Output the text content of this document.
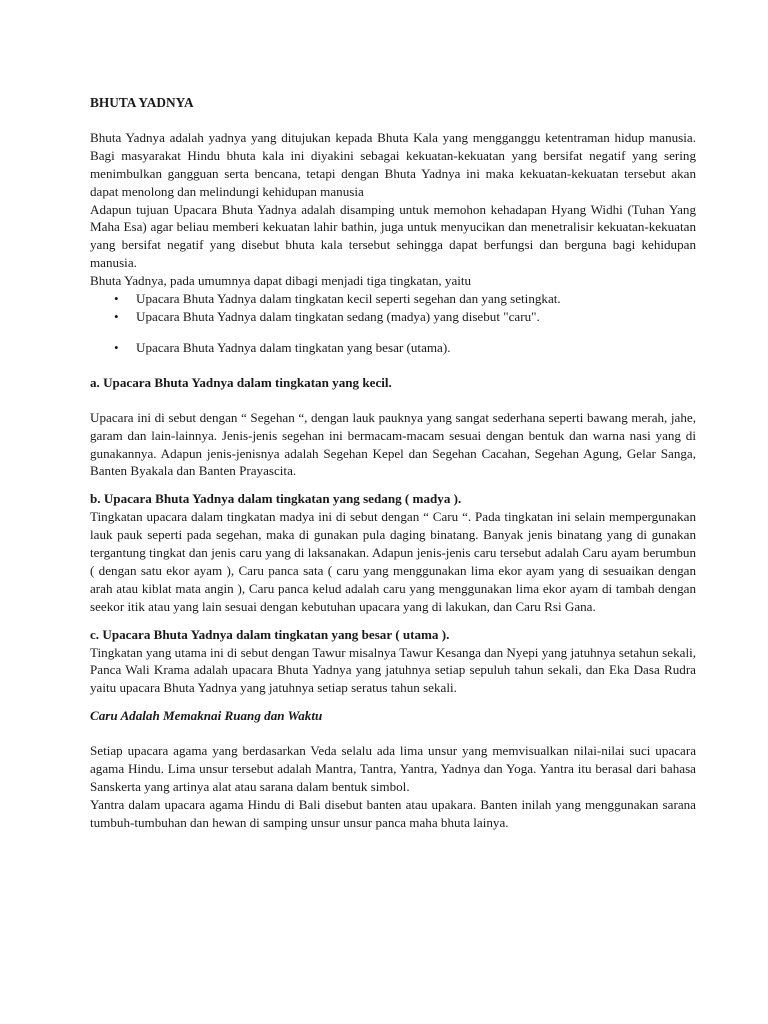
BHUTA YADNYA

Bhuta Yadnya adalah yadnya yang ditujukan kepada Bhuta Kala yang mengganggu ketentraman hidup manusia. Bagi masyarakat Hindu bhuta kala ini diyakini sebagai kekuatan-kekuatan yang bersifat negatif yang sering menimbulkan gangguan serta bencana, tetapi dengan Bhuta Yadnya ini maka kekuatan-kekuatan tersebut akan dapat menolong dan melindungi kehidupan manusia

Adapun tujuan Upacara Bhuta Yadnya adalah disamping untuk memohon kehadapan Hyang Widhi (Tuhan Yang Maha Esa) agar beliau memberi kekuatan lahir bathin, juga untuk menyucikan dan menetralisir kekuatan-kekuatan yang bersifat negatif yang disebut bhuta kala tersebut sehingga dapat berfungsi dan berguna bagi kehidupan manusia.

Bhuta Yadnya, pada umumnya dapat dibagi menjadi tiga tingkatan, yaitu

• Upacara Bhuta Yadnya dalam tingkatan kecil seperti segehan dan yang setingkat.
• Upacara Bhuta Yadnya dalam tingkatan sedang (madya) yang disebut "caru".
• Upacara Bhuta Yadnya dalam tingkatan yang besar (utama).
a. Upacara Bhuta Yadnya dalam tingkatan yang kecil.

Upacara ini di sebut dengan “ Segehan “, dengan lauk pauknya yang sangat sederhana seperti bawang merah, jahe, garam dan lain-lainnya. Jenis-jenis segehan ini bermacam-macam sesuai dengan bentuk dan warna nasi yang di gunakannya. Adapun jenis-jenisnya adalah Segehan Kepel dan Segehan Cacahan, Segehan Agung, Gelar Sanga, Banten Byakala dan Banten Prayascita.

b. Upacara Bhuta Yadnya dalam tingkatan yang sedang ( madya ).

Tingkatan upacara dalam tingkatan madya ini di sebut dengan “ Caru “. Pada tingkatan ini selain mempergunakan lauk pauk seperti pada segehan, maka di gunakan pula daging binatang. Banyak jenis binatang yang di gunakan tergantung tingkat dan jenis caru yang di laksanakan. Adapun jenis-jenis caru tersebut adalah Caru ayam berumbun ( dengan satu ekor ayam ), Caru panca sata ( caru yang menggunakan lima ekor ayam yang di sesuaikan dengan arah atau kiblat mata angin ), Caru panca kelud adalah caru yang menggunakan lima ekor ayam di tambah dengan seekor itik atau yang lain sesuai dengan kebutuhan upacara yang di lakukan, dan Caru Rsi Gana.

c. Upacara Bhuta Yadnya dalam tingkatan yang besar ( utama ).

Tingkatan yang utama ini di sebut dengan Tawur misalnya Tawur Kesanga dan Nyepi yang jatuhnya setahun sekali, Panca Wali Krama adalah upacara Bhuta Yadnya yang jatuhnya setiap sepuluh tahun sekali, dan Eka Dasa Rudra yaitu upacara Bhuta Yadnya yang jatuhnya setiap seratus tahun sekali.

Caru Adalah Memaknai Ruang dan Waktu

Setiap upacara agama yang berdasarkan Veda selalu ada lima unsur yang memvisualkan nilai-nilai suci upacara agama Hindu. Lima unsur tersebut adalah Mantra, Tantra, Yantra, Yadnya dan Yoga. Yantra itu berasal dari bahasa Sanskerta yang artinya alat atau sarana dalam bentuk simbol.

Yantra dalam upacara agama Hindu di Bali disebut banten atau upakara. Banten inilah yang menggunakan sarana tumbuh-tumbuhan dan hewan di samping unsur unsur panca maha bhuta lainya.
